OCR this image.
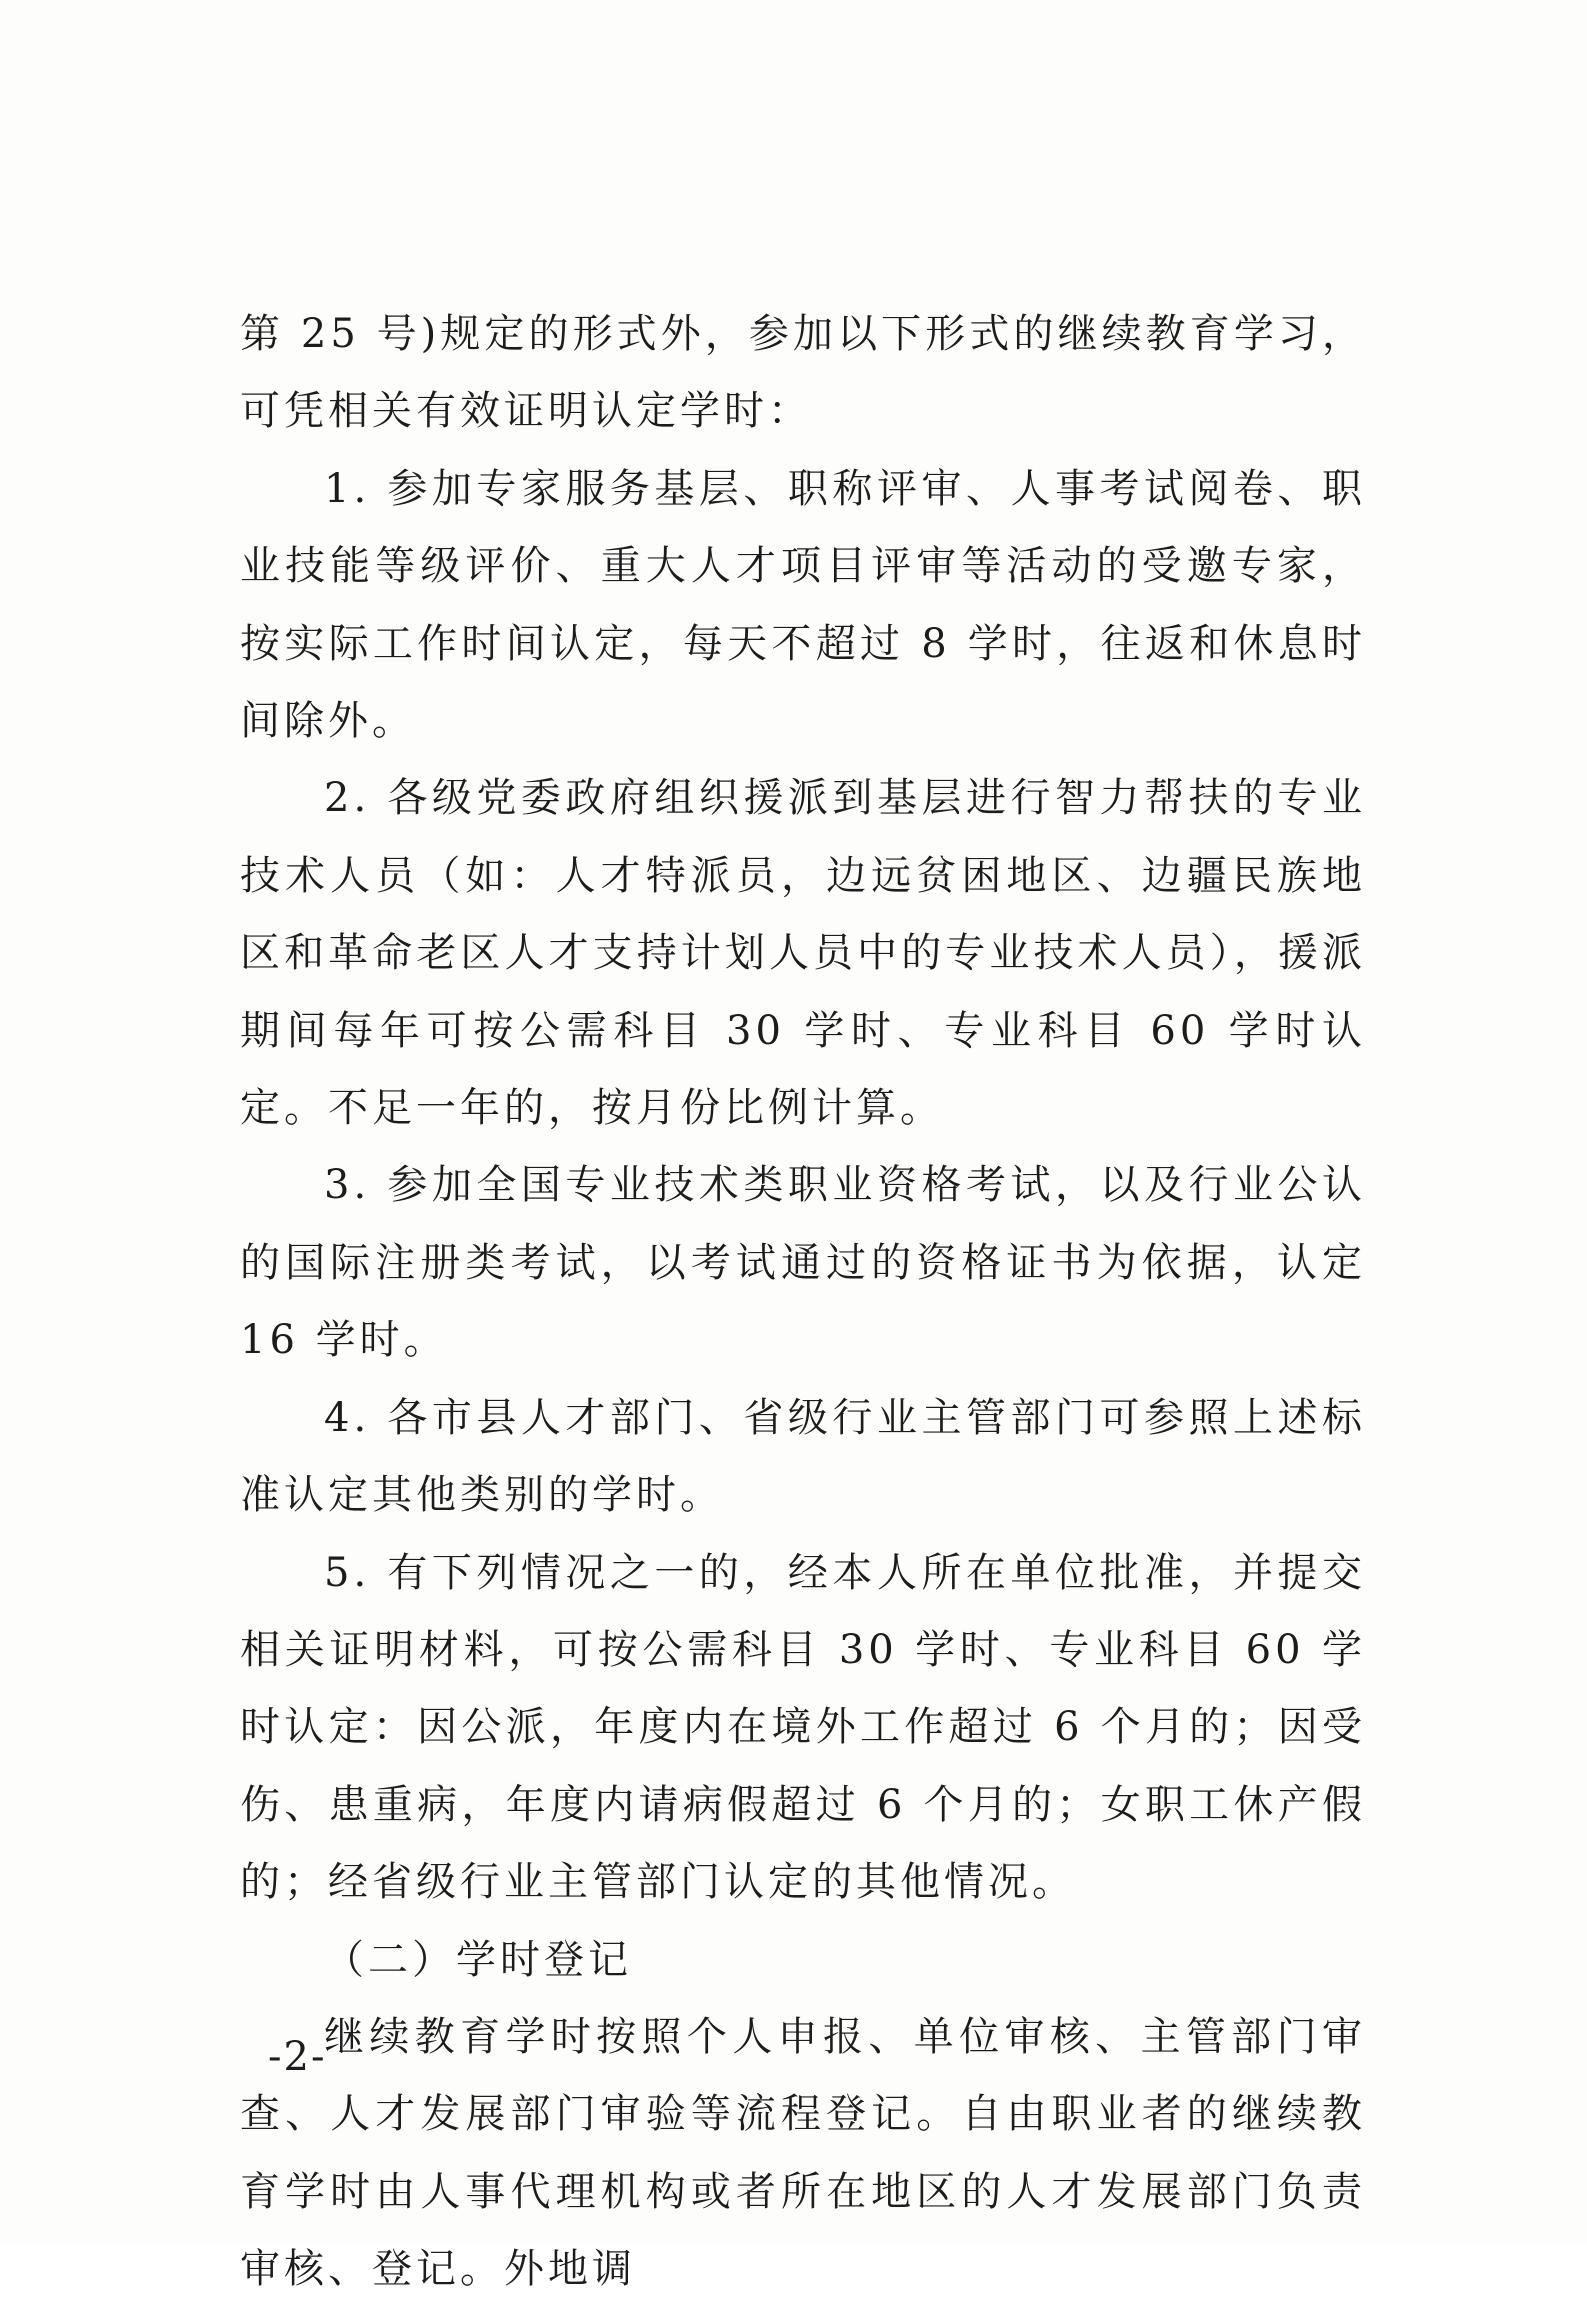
第 25 号)规定的形式外，参加以下形式的继续教育学习，可凭相关有效证明认定学时：

1. 参加专家服务基层、职称评审、人事考试阅卷、职业技能等级评价、重大人才项目评审等活动的受邀专家，按实际工作时间认定，每天不超过 8 学时，往返和休息时间除外。

2. 各级党委政府组织援派到基层进行智力帮扶的专业技术人员（如：人才特派员，边远贫困地区、边疆民族地区和革命老区人才支持计划人员中的专业技术人员），援派期间每年可按公需科目 30 学时、专业科目 60 学时认定。不足一年的，按月份比例计算。

3. 参加全国专业技术类职业资格考试，以及行业公认的国际注册类考试，以考试通过的资格证书为依据，认定 16 学时。

4. 各市县人才部门、省级行业主管部门可参照上述标准认定其他类别的学时。

5. 有下列情况之一的，经本人所在单位批准，并提交相关证明材料，可按公需科目 30 学时、专业科目 60 学时认定：因公派，年度内在境外工作超过 6 个月的；因受伤、患重病，年度内请病假超过 6 个月的；女职工休产假的；经省级行业主管部门认定的其他情况。

（二）学时登记

继续教育学时按照个人申报、单位审核、主管部门审查、人才发展部门审验等流程登记。自由职业者的继续教育学时由人事代理机构或者所在地区的人才发展部门负责审核、登记。外地调

-2-
